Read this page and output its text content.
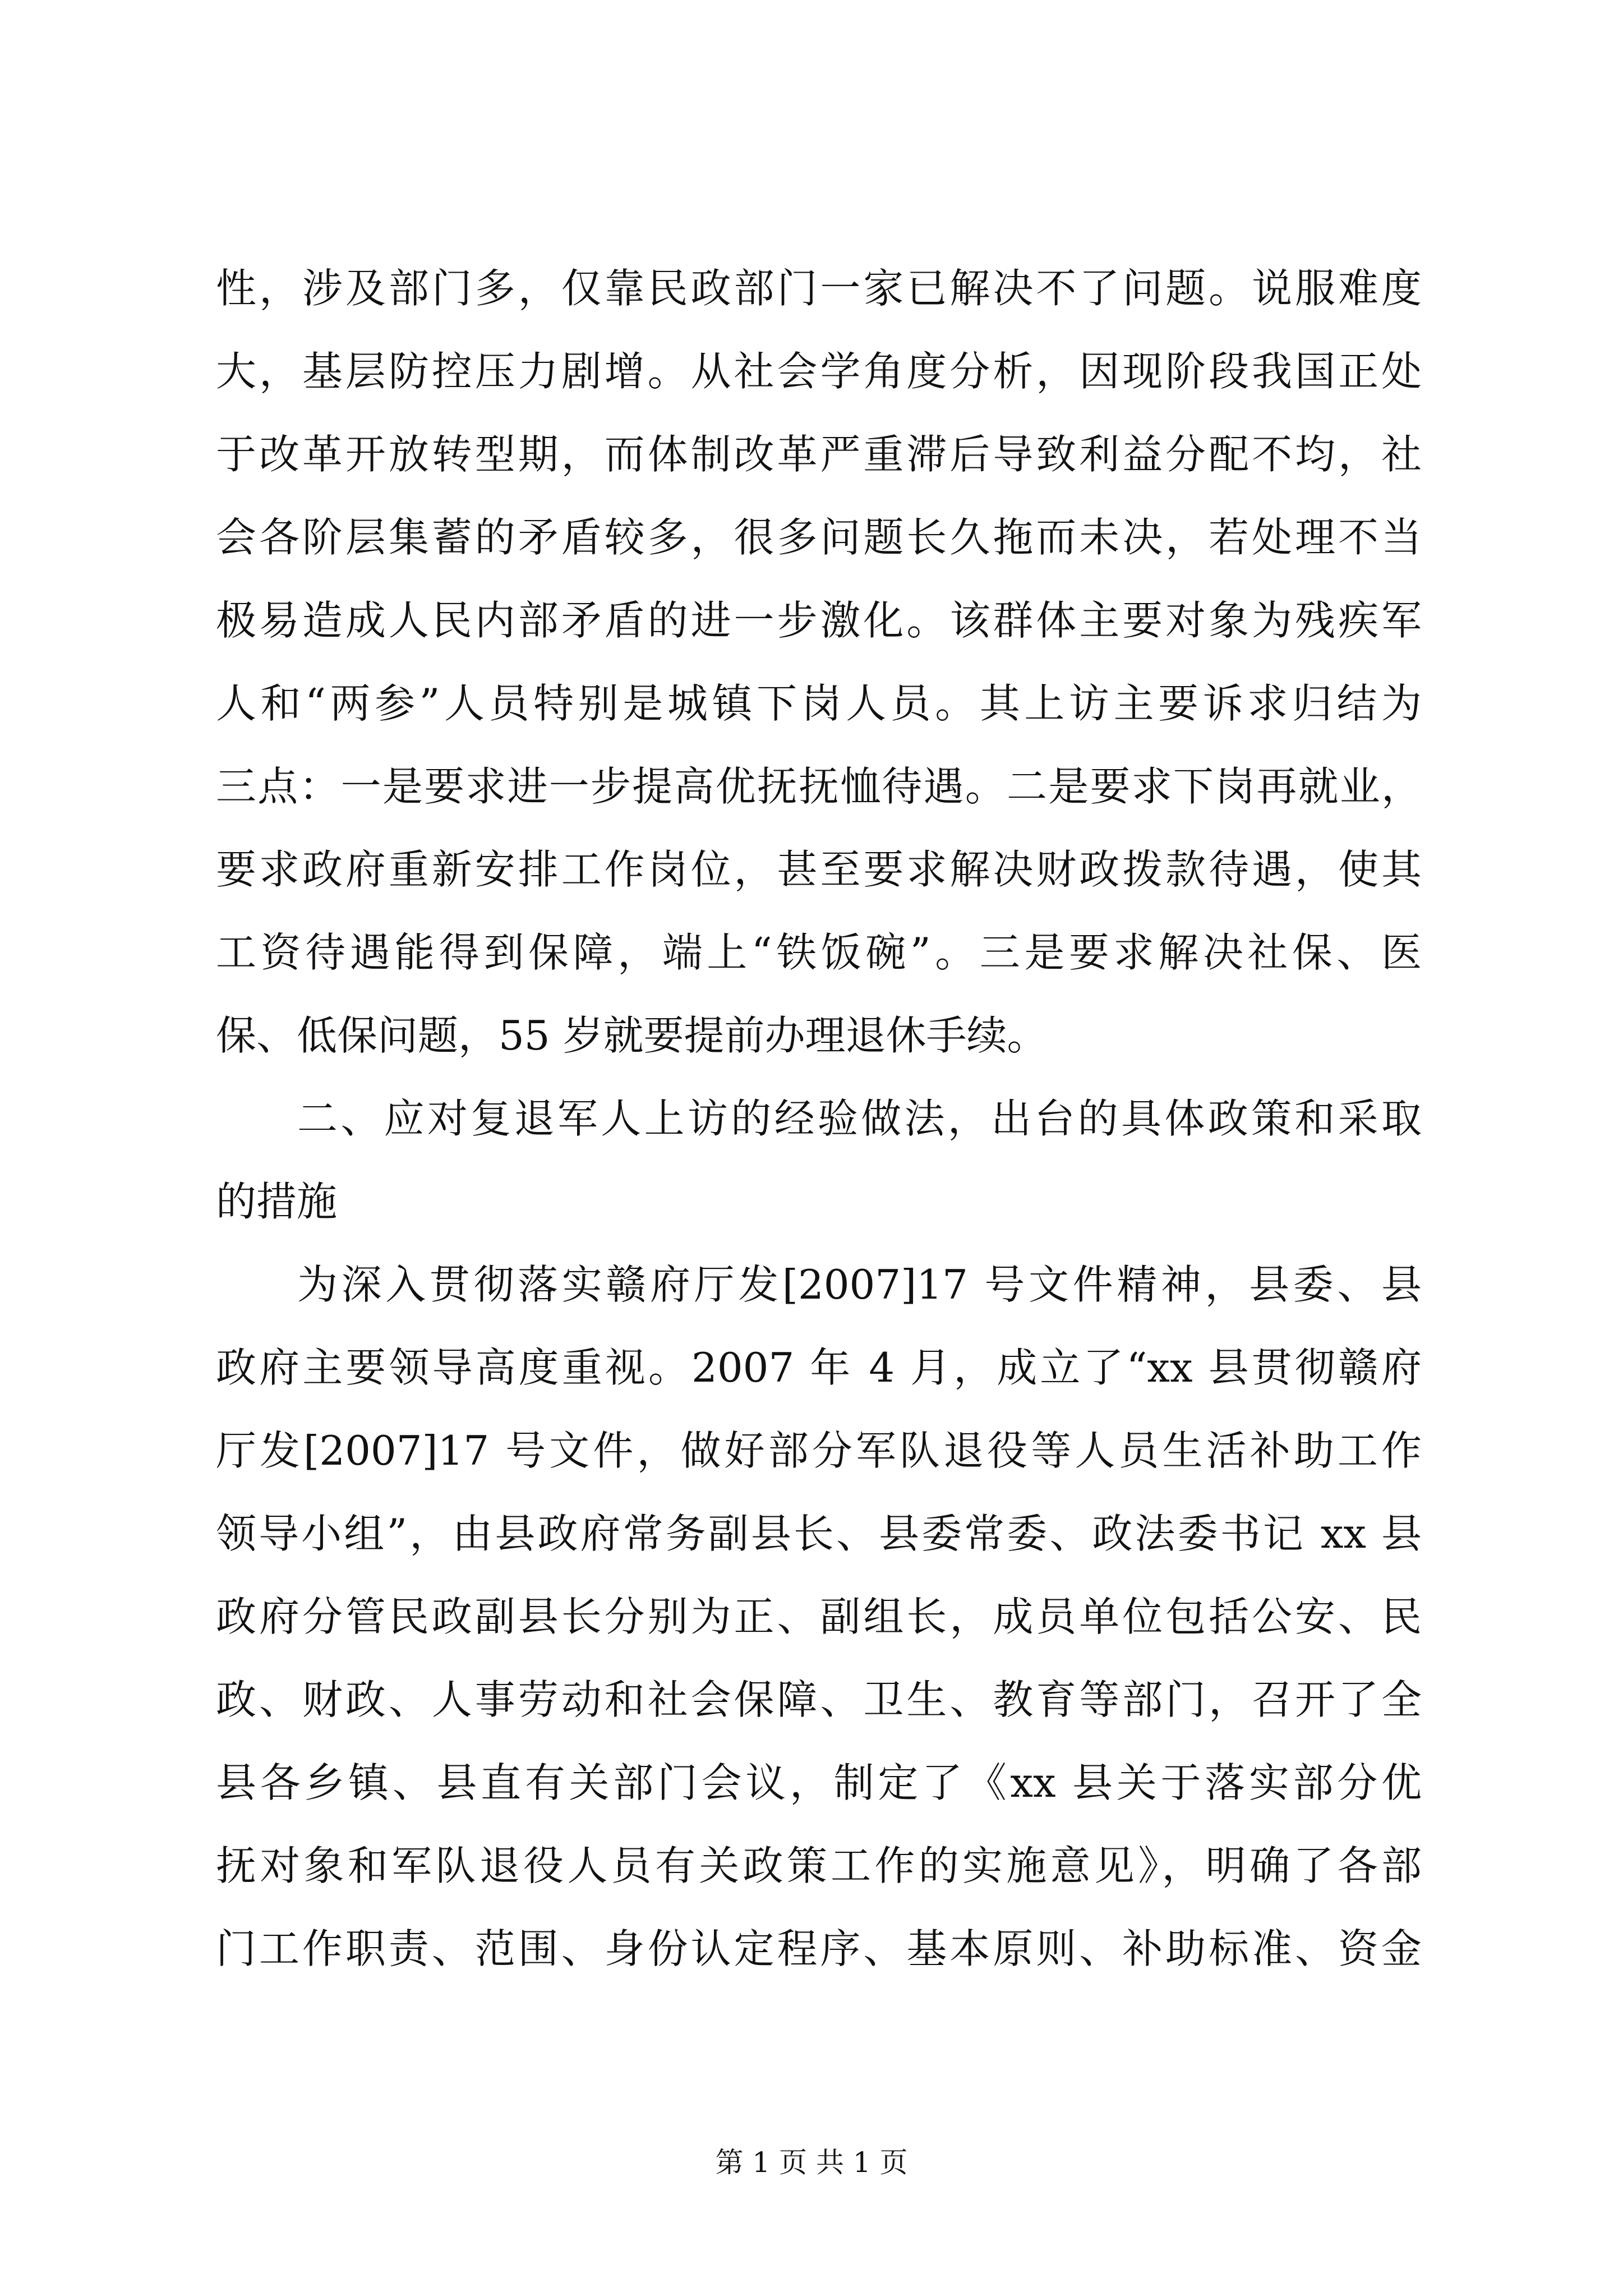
性，涉及部门多，仅靠民政部门一家已解决不了问题。说服难度
大，基层防控压力剧增。从社会学角度分析，因现阶段我国正处
于改革开放转型期，而体制改革严重滞后导致利益分配不均，社
会各阶层集蓄的矛盾较多，很多问题长久拖而未决，若处理不当
极易造成人民内部矛盾的进一步激化。该群体主要对象为残疾军
人和“两参”人员特别是城镇下岗人员。其上访主要诉求归结为
三点：一是要求进一步提高优抚抚恤待遇。二是要求下岗再就业，
要求政府重新安排工作岗位，甚至要求解决财政拨款待遇，使其
工资待遇能得到保障，端上“铁饭碗”。三是要求解决社保、医
保、低保问题，55 岁就要提前办理退休手续。
二、应对复退军人上访的经验做法，出台的具体政策和采取
的措施
为深入贯彻落实赣府厅发[2007]17 号文件精神，县委、县
政府主要领导高度重视。2007 年 4 月，成立了“xx 县贯彻赣府
厅发[2007]17 号文件，做好部分军队退役等人员生活补助工作
领导小组”，由县政府常务副县长、县委常委、政法委书记 xx 县
政府分管民政副县长分别为正、副组长，成员单位包括公安、民
政、财政、人事劳动和社会保障、卫生、教育等部门，召开了全
县各乡镇、县直有关部门会议，制定了《xx 县关于落实部分优
抚对象和军队退役人员有关政策工作的实施意见》，明确了各部
门工作职责、范围、身份认定程序、基本原则、补助标准、资金
第 1 页 共 1 页
